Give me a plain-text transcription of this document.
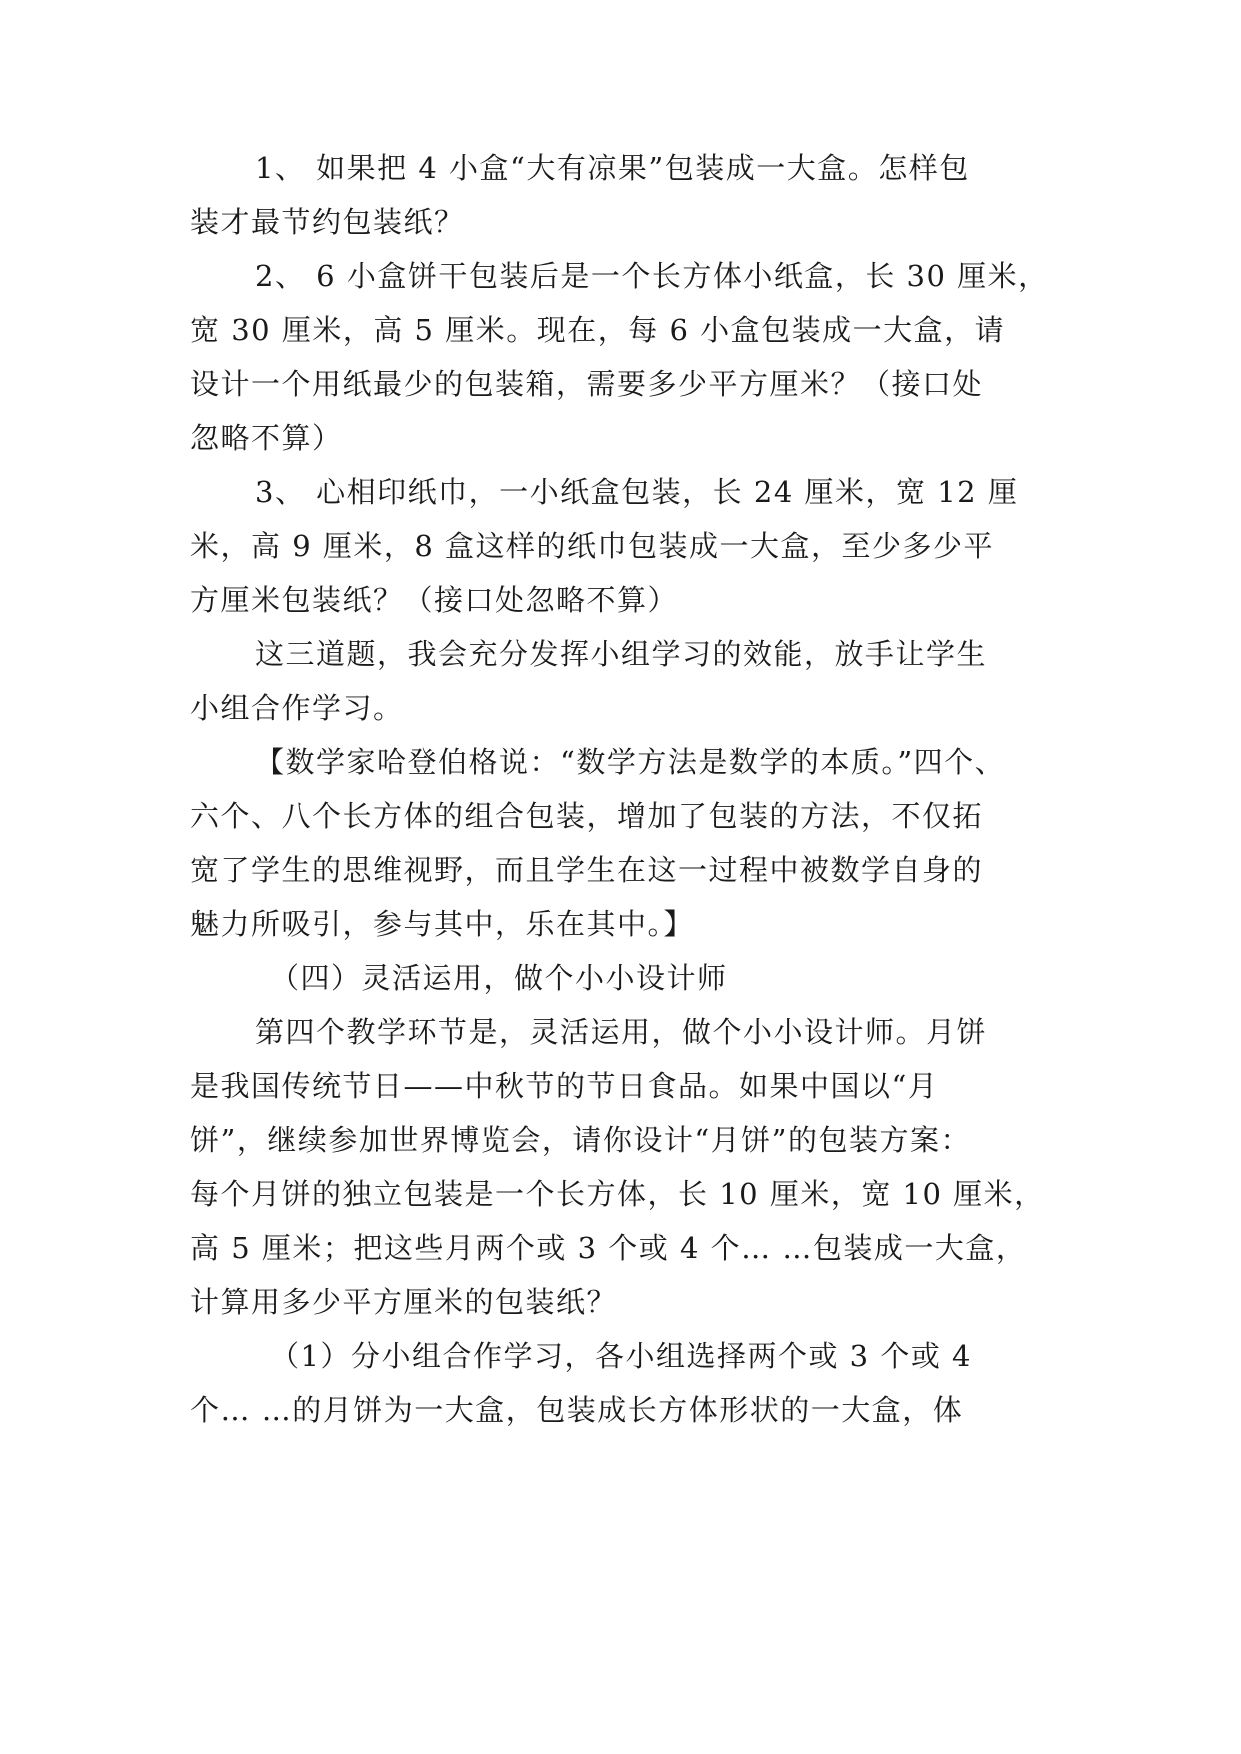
1、 如果把 4 小盒“大有凉果”包装成一大盒。怎样包
装才最节约包装纸？
2、 6 小盒饼干包装后是一个长方体小纸盒，长 30 厘米，
宽 30 厘米，高 5 厘米。现在，每 6 小盒包装成一大盒，请
设计一个用纸最少的包装箱，需要多少平方厘米？（接口处
忽略不算）
3、 心相印纸巾，一小纸盒包装，长 24 厘米，宽 12 厘
米，高 9 厘米，8 盒这样的纸巾包装成一大盒，至少多少平
方厘米包装纸？（接口处忽略不算）
这三道题，我会充分发挥小组学习的效能，放手让学生
小组合作学习。
【数学家哈登伯格说：“数学方法是数学的本质。”四个、
六个、八个长方体的组合包装，增加了包装的方法，不仅拓
宽了学生的思维视野，而且学生在这一过程中被数学自身的
魅力所吸引，参与其中，乐在其中。】
（四）灵活运用，做个小小设计师
第四个教学环节是，灵活运用，做个小小设计师。月饼
是我国传统节日——中秋节的节日食品。如果中国以“月
饼”，继续参加世界博览会，请你设计“月饼”的包装方案：
每个月饼的独立包装是一个长方体，长 10 厘米，宽 10 厘米，
高 5 厘米；把这些月两个或 3 个或 4 个… …包装成一大盒，
计算用多少平方厘米的包装纸？
（1）分小组合作学习，各小组选择两个或 3 个或 4
个… …的月饼为一大盒，包装成长方体形状的一大盒，体
